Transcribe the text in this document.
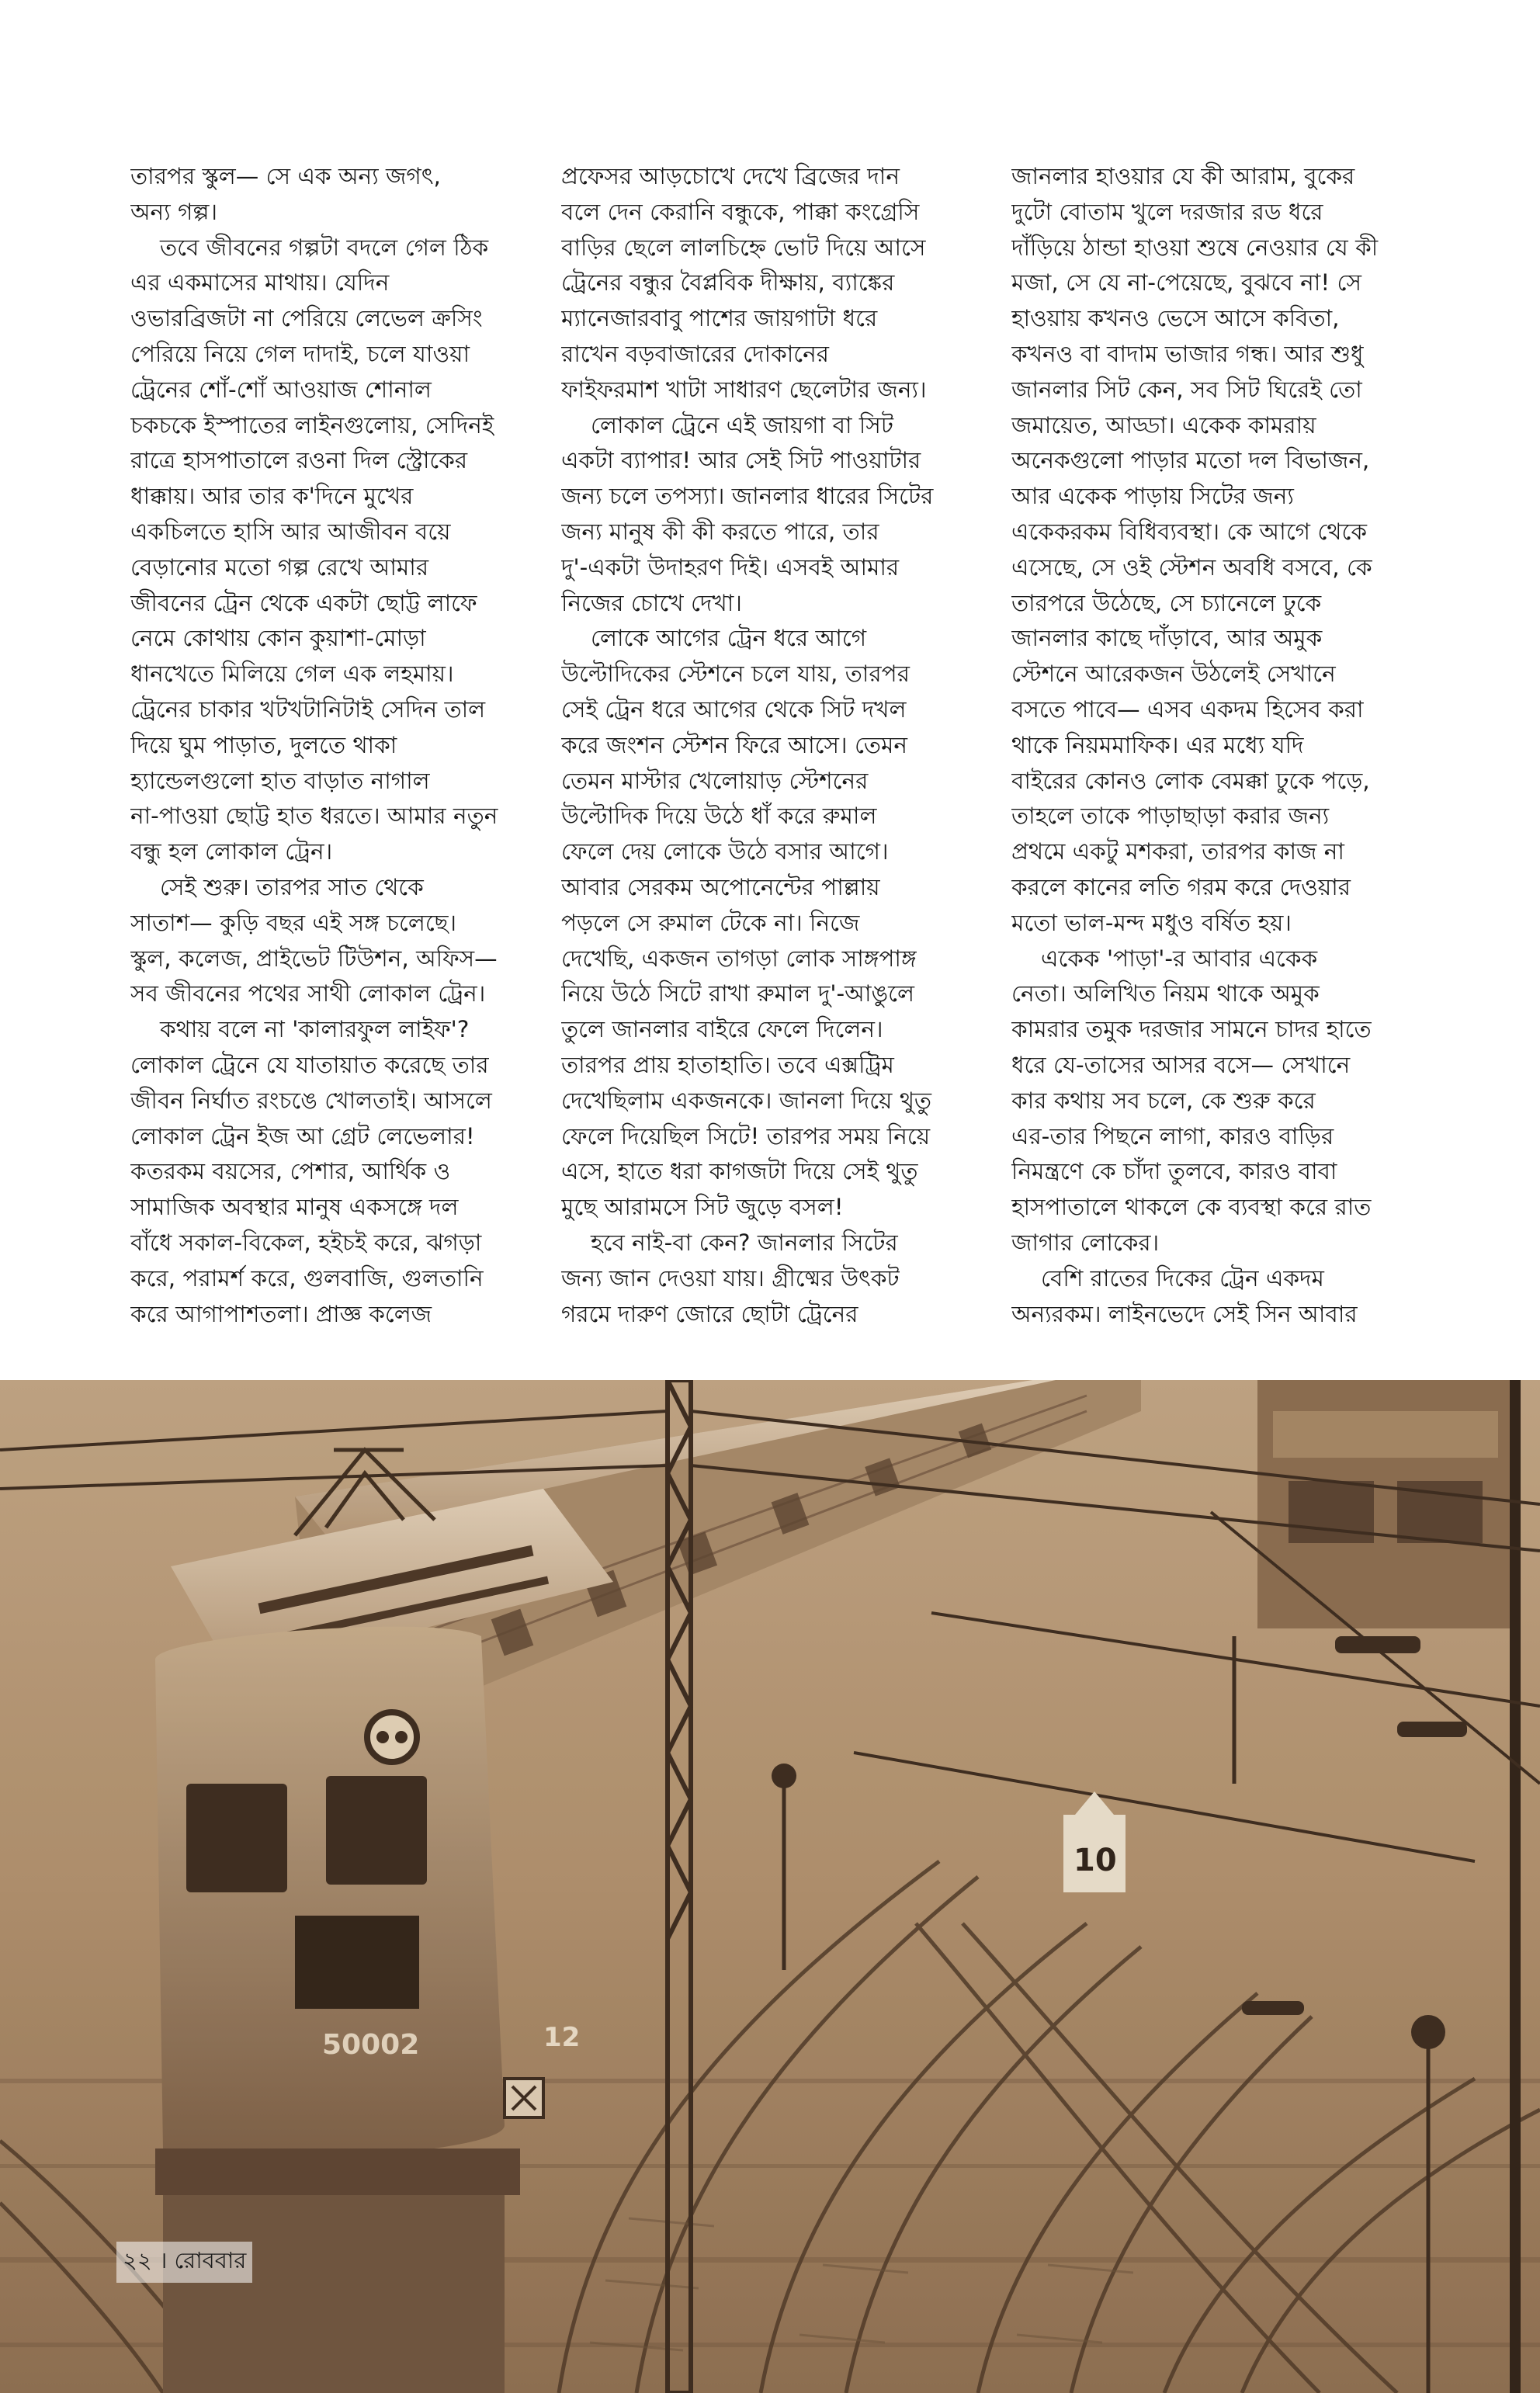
তারপর স্কুল— সে এক অন্য জগৎ,

অন্য গল্প।

তবে জীবনের গল্পটা বদলে গেল ঠিক

এর একমাসের মাথায়। যেদিন

ওভারব্রিজটা না পেরিয়ে লেভেল ক্রসিং

পেরিয়ে নিয়ে গেল দাদাই, চলে যাওয়া

ট্রেনের শোঁ-শোঁ আওয়াজ শোনাল

চকচকে ইস্পাতের লাইনগুলোয়, সেদিনই

রাত্রে হাসপাতালে রওনা দিল স্ট্রোকের

ধাক্কায়। আর তার ক'দিনে মুখের

একচিলতে হাসি আর আজীবন বয়ে

বেড়ানোর মতো গল্প রেখে আমার

জীবনের ট্রেন থেকে একটা ছোট্ট লাফে

নেমে কোথায় কোন কুয়াশা-মোড়া

ধানখেতে মিলিয়ে গেল এক লহমায়।

ট্রেনের চাকার খটখটানিটাই সেদিন তাল

দিয়ে ঘুম পাড়াত, দুলতে থাকা

হ্যান্ডেলগুলো হাত বাড়াত নাগাল

না-পাওয়া ছোট্ট হাত ধরতে। আমার নতুন

বন্ধু হল লোকাল ট্রেন।

সেই শুরু। তারপর সাত থেকে

সাতাশ— কুড়ি বছর এই সঙ্গ চলেছে।

স্কুল, কলেজ, প্রাইভেট টিউশন, অফিস—

সব জীবনের পথের সাথী লোকাল ট্রেন।

কথায় বলে না 'কালারফুল লাইফ'?

লোকাল ট্রেনে যে যাতায়াত করেছে তার

জীবন নির্ঘাত রংচঙে খোলতাই। আসলে

লোকাল ট্রেন ইজ আ গ্রেট লেভেলার!

কতরকম বয়সের, পেশার, আর্থিক ও

সামাজিক অবস্থার মানুষ একসঙ্গে দল

বাঁধে সকাল-বিকেল, হইচই করে, ঝগড়া

করে, পরামর্শ করে, গুলবাজি, গুলতানি

করে আগাপাশতলা। প্রাজ্ঞ কলেজ

প্রফেসর আড়চোখে দেখে ব্রিজের দান

বলে দেন কেরানি বন্ধুকে, পাক্কা কংগ্রেসি

বাড়ির ছেলে লালচিহ্নে ভোট দিয়ে আসে

ট্রেনের বন্ধুর বৈপ্লবিক দীক্ষায়, ব্যাঙ্কের

ম্যানেজারবাবু পাশের জায়গাটা ধরে

রাখেন বড়বাজারের দোকানের

ফাইফরমাশ খাটা সাধারণ ছেলেটার জন্য।

লোকাল ট্রেনে এই জায়গা বা সিট

একটা ব্যাপার! আর সেই সিট পাওয়াটার

জন্য চলে তপস্যা। জানলার ধারের সিটের

জন্য মানুষ কী কী করতে পারে, তার

দু'-একটা উদাহরণ দিই। এসবই আমার

নিজের চোখে দেখা।

লোকে আগের ট্রেন ধরে আগে

উল্টোদিকের স্টেশনে চলে যায়, তারপর

সেই ট্রেন ধরে আগের থেকে সিট দখল

করে জংশন স্টেশন ফিরে আসে। তেমন

তেমন মাস্টার খেলোয়াড় স্টেশনের

উল্টোদিক দিয়ে উঠে ধাঁ করে রুমাল

ফেলে দেয় লোকে উঠে বসার আগে।

আবার সেরকম অপোনেন্টের পাল্লায়

পড়লে সে রুমাল টেকে না। নিজে

দেখেছি, একজন তাগড়া লোক সাঙ্গপাঙ্গ

নিয়ে উঠে সিটে রাখা রুমাল দু'-আঙুলে

তুলে জানলার বাইরে ফেলে দিলেন।

তারপর প্রায় হাতাহাতি। তবে এক্সট্রিম

দেখেছিলাম একজনকে। জানলা দিয়ে থুতু

ফেলে দিয়েছিল সিটে! তারপর সময় নিয়ে

এসে, হাতে ধরা কাগজটা দিয়ে সেই থুতু

মুছে আরামসে সিট জুড়ে বসল!

হবে নাই-বা কেন? জানলার সিটের

জন্য জান দেওয়া যায়। গ্রীষ্মের উৎকট

গরমে দারুণ জোরে ছোটা ট্রেনের

জানলার হাওয়ার যে কী আরাম, বুকের

দুটো বোতাম খুলে দরজার রড ধরে

দাঁড়িয়ে ঠান্ডা হাওয়া শুষে নেওয়ার যে কী

মজা, সে যে না-পেয়েছে, বুঝবে না! সে

হাওয়ায় কখনও ভেসে আসে কবিতা,

কখনও বা বাদাম ভাজার গন্ধ। আর শুধু

জানলার সিট কেন, সব সিট ঘিরেই তো

জমায়েত, আড্ডা। একেক কামরায়

অনেকগুলো পাড়ার মতো দল বিভাজন,

আর একেক পাড়ায় সিটের জন্য

একেকরকম বিধিব্যবস্থা। কে আগে থেকে

এসেছে, সে ওই স্টেশন অবধি বসবে, কে

তারপরে উঠেছে, সে চ্যানেলে ঢুকে

জানলার কাছে দাঁড়াবে, আর অমুক

স্টেশনে আরেকজন উঠলেই সেখানে

বসতে পাবে— এসব একদম হিসেব করা

থাকে নিয়মমাফিক। এর মধ্যে যদি

বাইরের কোনও লোক বেমক্কা ঢুকে পড়ে,

তাহলে তাকে পাড়াছাড়া করার জন্য

প্রথমে একটু মশকরা, তারপর কাজ না

করলে কানের লতি গরম করে দেওয়ার

মতো ভাল-মন্দ মধুও বর্ষিত হয়।

একেক 'পাড়া'-র আবার একেক

নেতা। অলিখিত নিয়ম থাকে অমুক

কামরার তমুক দরজার সামনে চাদর হাতে

ধরে যে-তাসের আসর বসে— সেখানে

কার কথায় সব চলে, কে শুরু করে

এর-তার পিছনে লাগা, কারও বাড়ির

নিমন্ত্রণে কে চাঁদা তুলবে, কারও বাবা

হাসপাতালে থাকলে কে ব্যবস্থা করে রাত

জাগার লোকের।

বেশি রাতের দিকের ট্রেন একদম

অন্যরকম। লাইনভেদে সেই সিন আবার

50002	12
10
২২ । রোববার
